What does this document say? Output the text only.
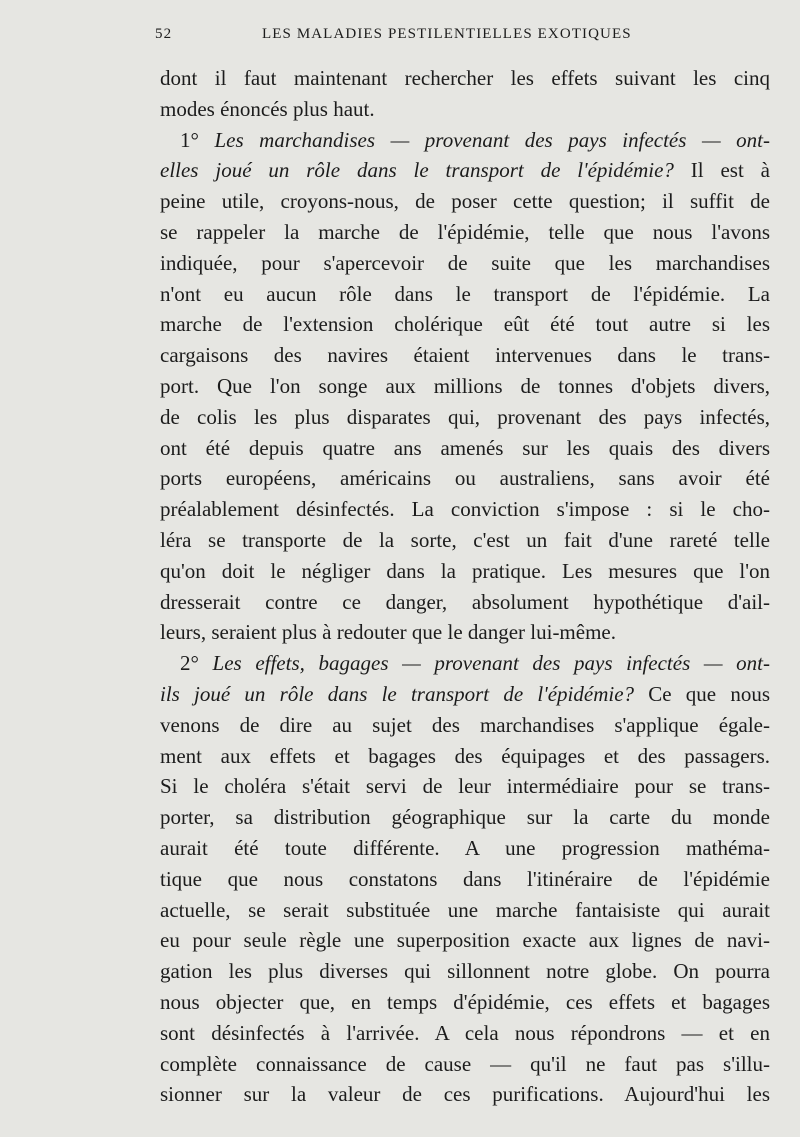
52	LES MALADIES PESTILENTIELLES EXOTIQUES
dont il faut maintenant rechercher les effets suivant les cinq
modes énoncés plus haut.
1° Les marchandises — provenant des pays infectés — ont-
elles joué un rôle dans le transport de l'épidémie? Il est à
peine utile, croyons-nous, de poser cette question; il suffit de
se rappeler la marche de l'épidémie, telle que nous l'avons
indiquée, pour s'apercevoir de suite que les marchandises
n'ont eu aucun rôle dans le transport de l'épidémie. La
marche de l'extension cholérique eût été tout autre si les
cargaisons des navires étaient intervenues dans le trans-
port. Que l'on songe aux millions de tonnes d'objets divers,
de colis les plus disparates qui, provenant des pays infectés,
ont été depuis quatre ans amenés sur les quais des divers
ports européens, américains ou australiens, sans avoir été
préalablement désinfectés. La conviction s'impose : si le cho-
léra se transporte de la sorte, c'est un fait d'une rareté telle
qu'on doit le négliger dans la pratique. Les mesures que l'on
dresserait contre ce danger, absolument hypothétique d'ail-
leurs, seraient plus à redouter que le danger lui-même.
2° Les effets, bagages — provenant des pays infectés — ont-
ils joué un rôle dans le transport de l'épidémie? Ce que nous
venons de dire au sujet des marchandises s'applique égale-
ment aux effets et bagages des équipages et des passagers.
Si le choléra s'était servi de leur intermédiaire pour se trans-
porter, sa distribution géographique sur la carte du monde
aurait été toute différente. A une progression mathéma-
tique que nous constatons dans l'itinéraire de l'épidémie
actuelle, se serait substituée une marche fantaisiste qui aurait
eu pour seule règle une superposition exacte aux lignes de navi-
gation les plus diverses qui sillonnent notre globe. On pourra
nous objecter que, en temps d'épidémie, ces effets et bagages
sont désinfectés à l'arrivée. A cela nous répondrons — et en
complète connaissance de cause — qu'il ne faut pas s'illu-
sionner sur la valeur de ces purifications. Aujourd'hui les
